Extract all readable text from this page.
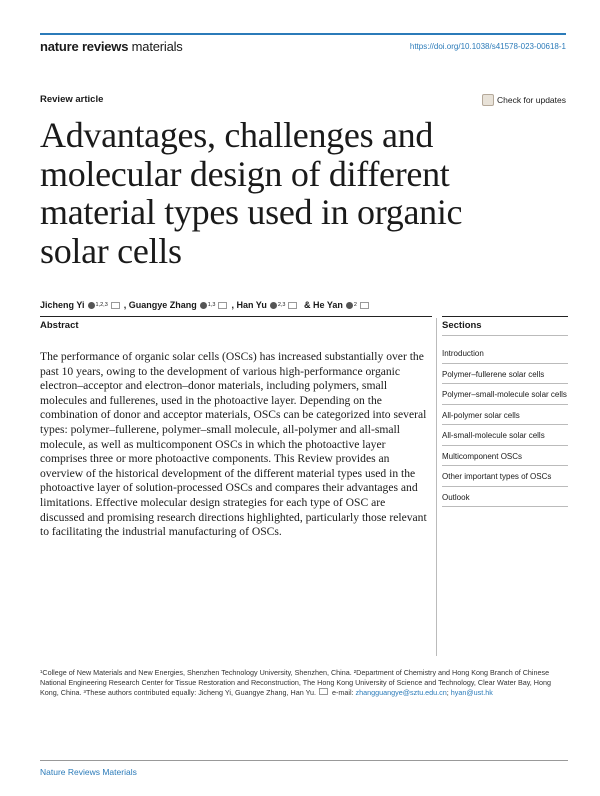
nature reviews materials	https://doi.org/10.1038/s41578-023-00618-1
Review article	Check for updates
Advantages, challenges and molecular design of different material types used in organic solar cells
Jicheng Yi 1,2,3 , Guangye Zhang 1,3 , Han Yu 2,3 & He Yan 2
Abstract	Sections

The performance of organic solar cells (OSCs) has increased substantially over the past 10 years, owing to the development of various high-performance organic electron–acceptor and electron–donor materials, including polymers, small molecules and fullerenes, used in the photoactive layer. Depending on the combination of donor and acceptor materials, OSCs can be categorized into several types: polymer–fullerene, polymer–small molecule, all-polymer and all-small molecule, as well as multicomponent OSCs in which the photoactive layer comprises three or more photoactive components. This Review provides an overview of the historical development of the different material types used in the photoactive layer of solution-processed OSCs and compares their advantages and limitations. Effective molecular design strategies for each type of OSC are discussed and promising research directions highlighted, particularly those relevant to facilitating the industrial manufacturing of OSCs.

Introduction
Polymer–fullerene solar cells
Polymer–small-molecule solar cells
All-polymer solar cells
All-small-molecule solar cells
Multicomponent OSCs
Other important types of OSCs
Outlook

¹College of New Materials and New Energies, Shenzhen Technology University, Shenzhen, China. ²Department of Chemistry and Hong Kong Branch of Chinese National Engineering Research Center for Tissue Restoration and Reconstruction, The Hong Kong University of Science and Technology, Clear Water Bay, Hong Kong, China. ³These authors contributed equally: Jicheng Yi, Guangye Zhang, Han Yu. e-mail: zhangguangye@sztu.edu.cn; hyan@ust.hk

Nature Reviews Materials
